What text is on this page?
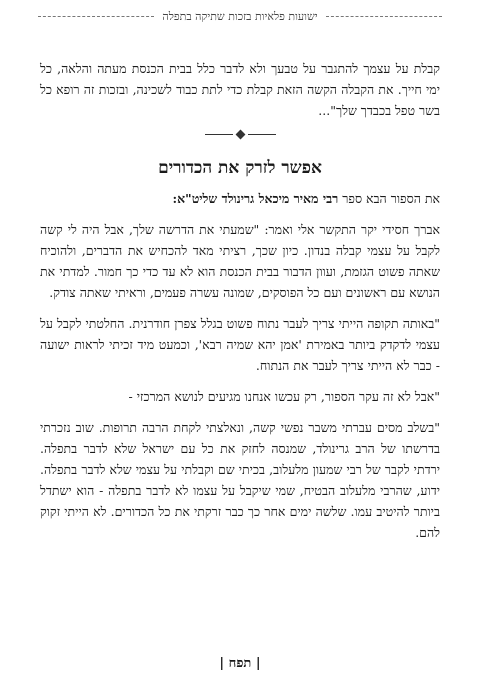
ישועות פלאיות בזכות שתיקה בתפלה

קבלת על עצמך להתגבר על טבעך ולא לדבר כלל בבית הכנסת מעתה והלאה, כל ימי חייך. את הקבלה הקשה הזאת קבלת כדי לתת כבוד לשכינה, ובזכות זה רופא כל בשר טפל בכבדך שלך"...

אפשר לזרק את הכדורים

את הספור הבא ספר רבי מאיר מיכאל גרינולד שליט"א:

אברך חסידי יקר התקשר אלי ואמר: "שמעתי את הדרשה שלך, אבל היה לי קשה לקבל על עצמי קבלה בנדון. כיון שכך, רציתי מאד להכחיש את הדברים, ולהוכיח שאתה פשוט הגזמת, ועוון הדבור בבית הכנסת הוא לא עד כדי כך חמור. למדתי את הנושא עם ראשונים ועם כל הפוסקים, שמונה עשרה פעמים, וראיתי שאתה צודק.

"באותה תקופה הייתי צריך לעבר נתוח פשוט בגלל צפרן חודרנית. החלטתי לקבל על עצמי לדקדק ביותר באמירת 'אמן יהא שמיה רבא', וכמעט מיד זכיתי לראות ישועה - כבר לא הייתי צריך לעבר את הנתוח.

"אבל לא זה עקר הספור, רק עכשו אנחנו מגיעים לנושא המרכזי -

"בשלב מסים עברתי משבר נפשי קשה, ונאלצתי לקחת הרבה תרופות. שוב נזכרתי בדרשתו של הרב גרינולד, שמנסה לחזק את כל עם ישראל שלא לדבר בתפלה. ירדתי לקבר של רבי שמעון מלעלוב, בכיתי שם וקבלתי על עצמי שלא לדבר בתפלה. ידוע, שהרבי מלעלוב הבטיח, שמי שיקבל על עצמו לא לדבר בתפלה - הוא ישתדל ביותר להיטיב עמו. שלשה ימים אחר כך כבר זרקתי את כל הכדורים. לא הייתי זקוק להם.

| תפח |
